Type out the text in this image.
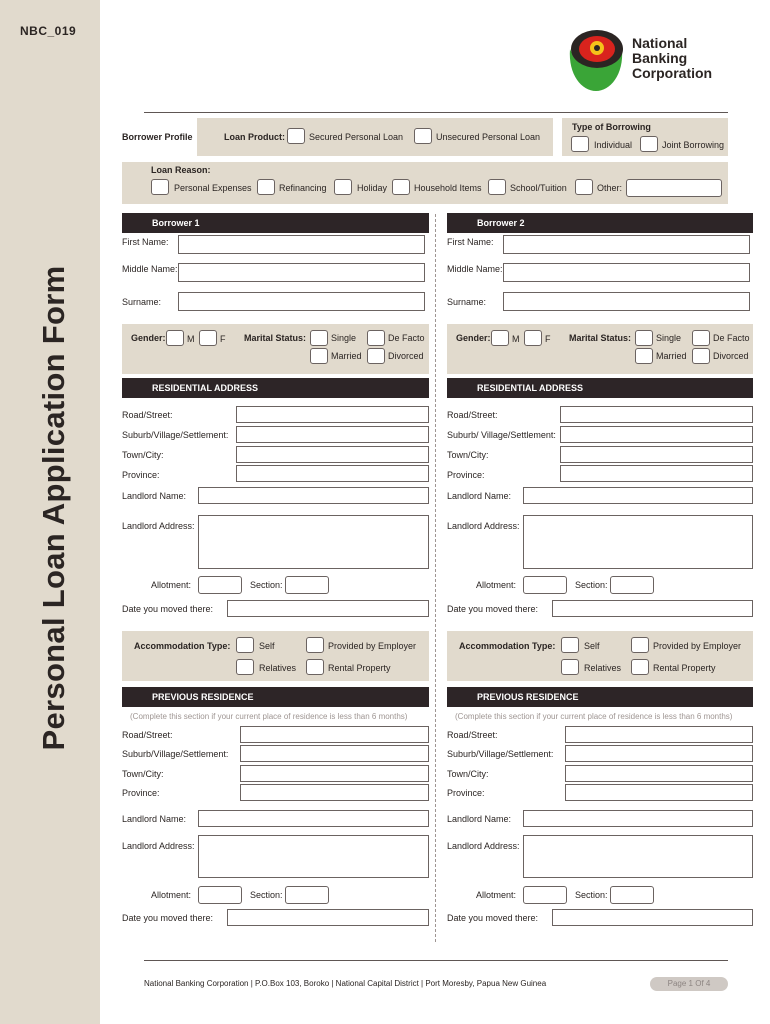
NBC_019
Personal Loan Application Form
National
Banking
Corporation
Borrower Profile	Loan Product:	Secured Personal Loan	Unsecured Personal Loan
Type of Borrowing
Individual	Joint Borrowing
Loan Reason:
Personal Expenses	Refinancing	Holiday	Household Items	School/Tuition	Other:
Borrower 1
First Name:
Middle Name:
Surname:
Gender: M	F Marital Status:	Single	De Facto
Married	Divorced
RESIDENTIAL ADDRESS
Road/Street:
Suburb/Village/Settlement:
Town/City:
Province:
Landlord Name:
Landlord Address:
Allotment:	Section:
Date you moved there:
Accommodation Type:	Self	Provided by Employer
Relatives	Rental Property
PREVIOUS RESIDENCE
(Complete this section if your current place of residence is less than 6 months)
Road/Street:
Suburb/Village/Settlement:
Town/City:
Province:
Landlord Name:
Landlord Address:
Allotment:	Section:
Date you moved there:
Borrower 2
First Name:
Middle Name:
Surname:
Gender: M	F Marital Status:	Single	De Facto
Married	Divorced
RESIDENTIAL ADDRESS
Road/Street:
Suburb/ Village/Settlement:
Town/City:
Province:
Landlord Name:
Landlord Address:
Allotment:	Section:
Date you moved there:
Accommodation Type:	Self	Provided by Employer
Relatives	Rental Property
PREVIOUS RESIDENCE
(Complete this section if your current place of residence is less than 6 months)
Road/Street:
Suburb/Village/Settlement:
Town/City:
Province:
Landlord Name:
Landlord Address:
Allotment:	Section:
Date you moved there:
National Banking Corporation | P.O.Box 103, Boroko | National Capital District | Port Moresby, Papua New Guinea	Page 1 Of 4
